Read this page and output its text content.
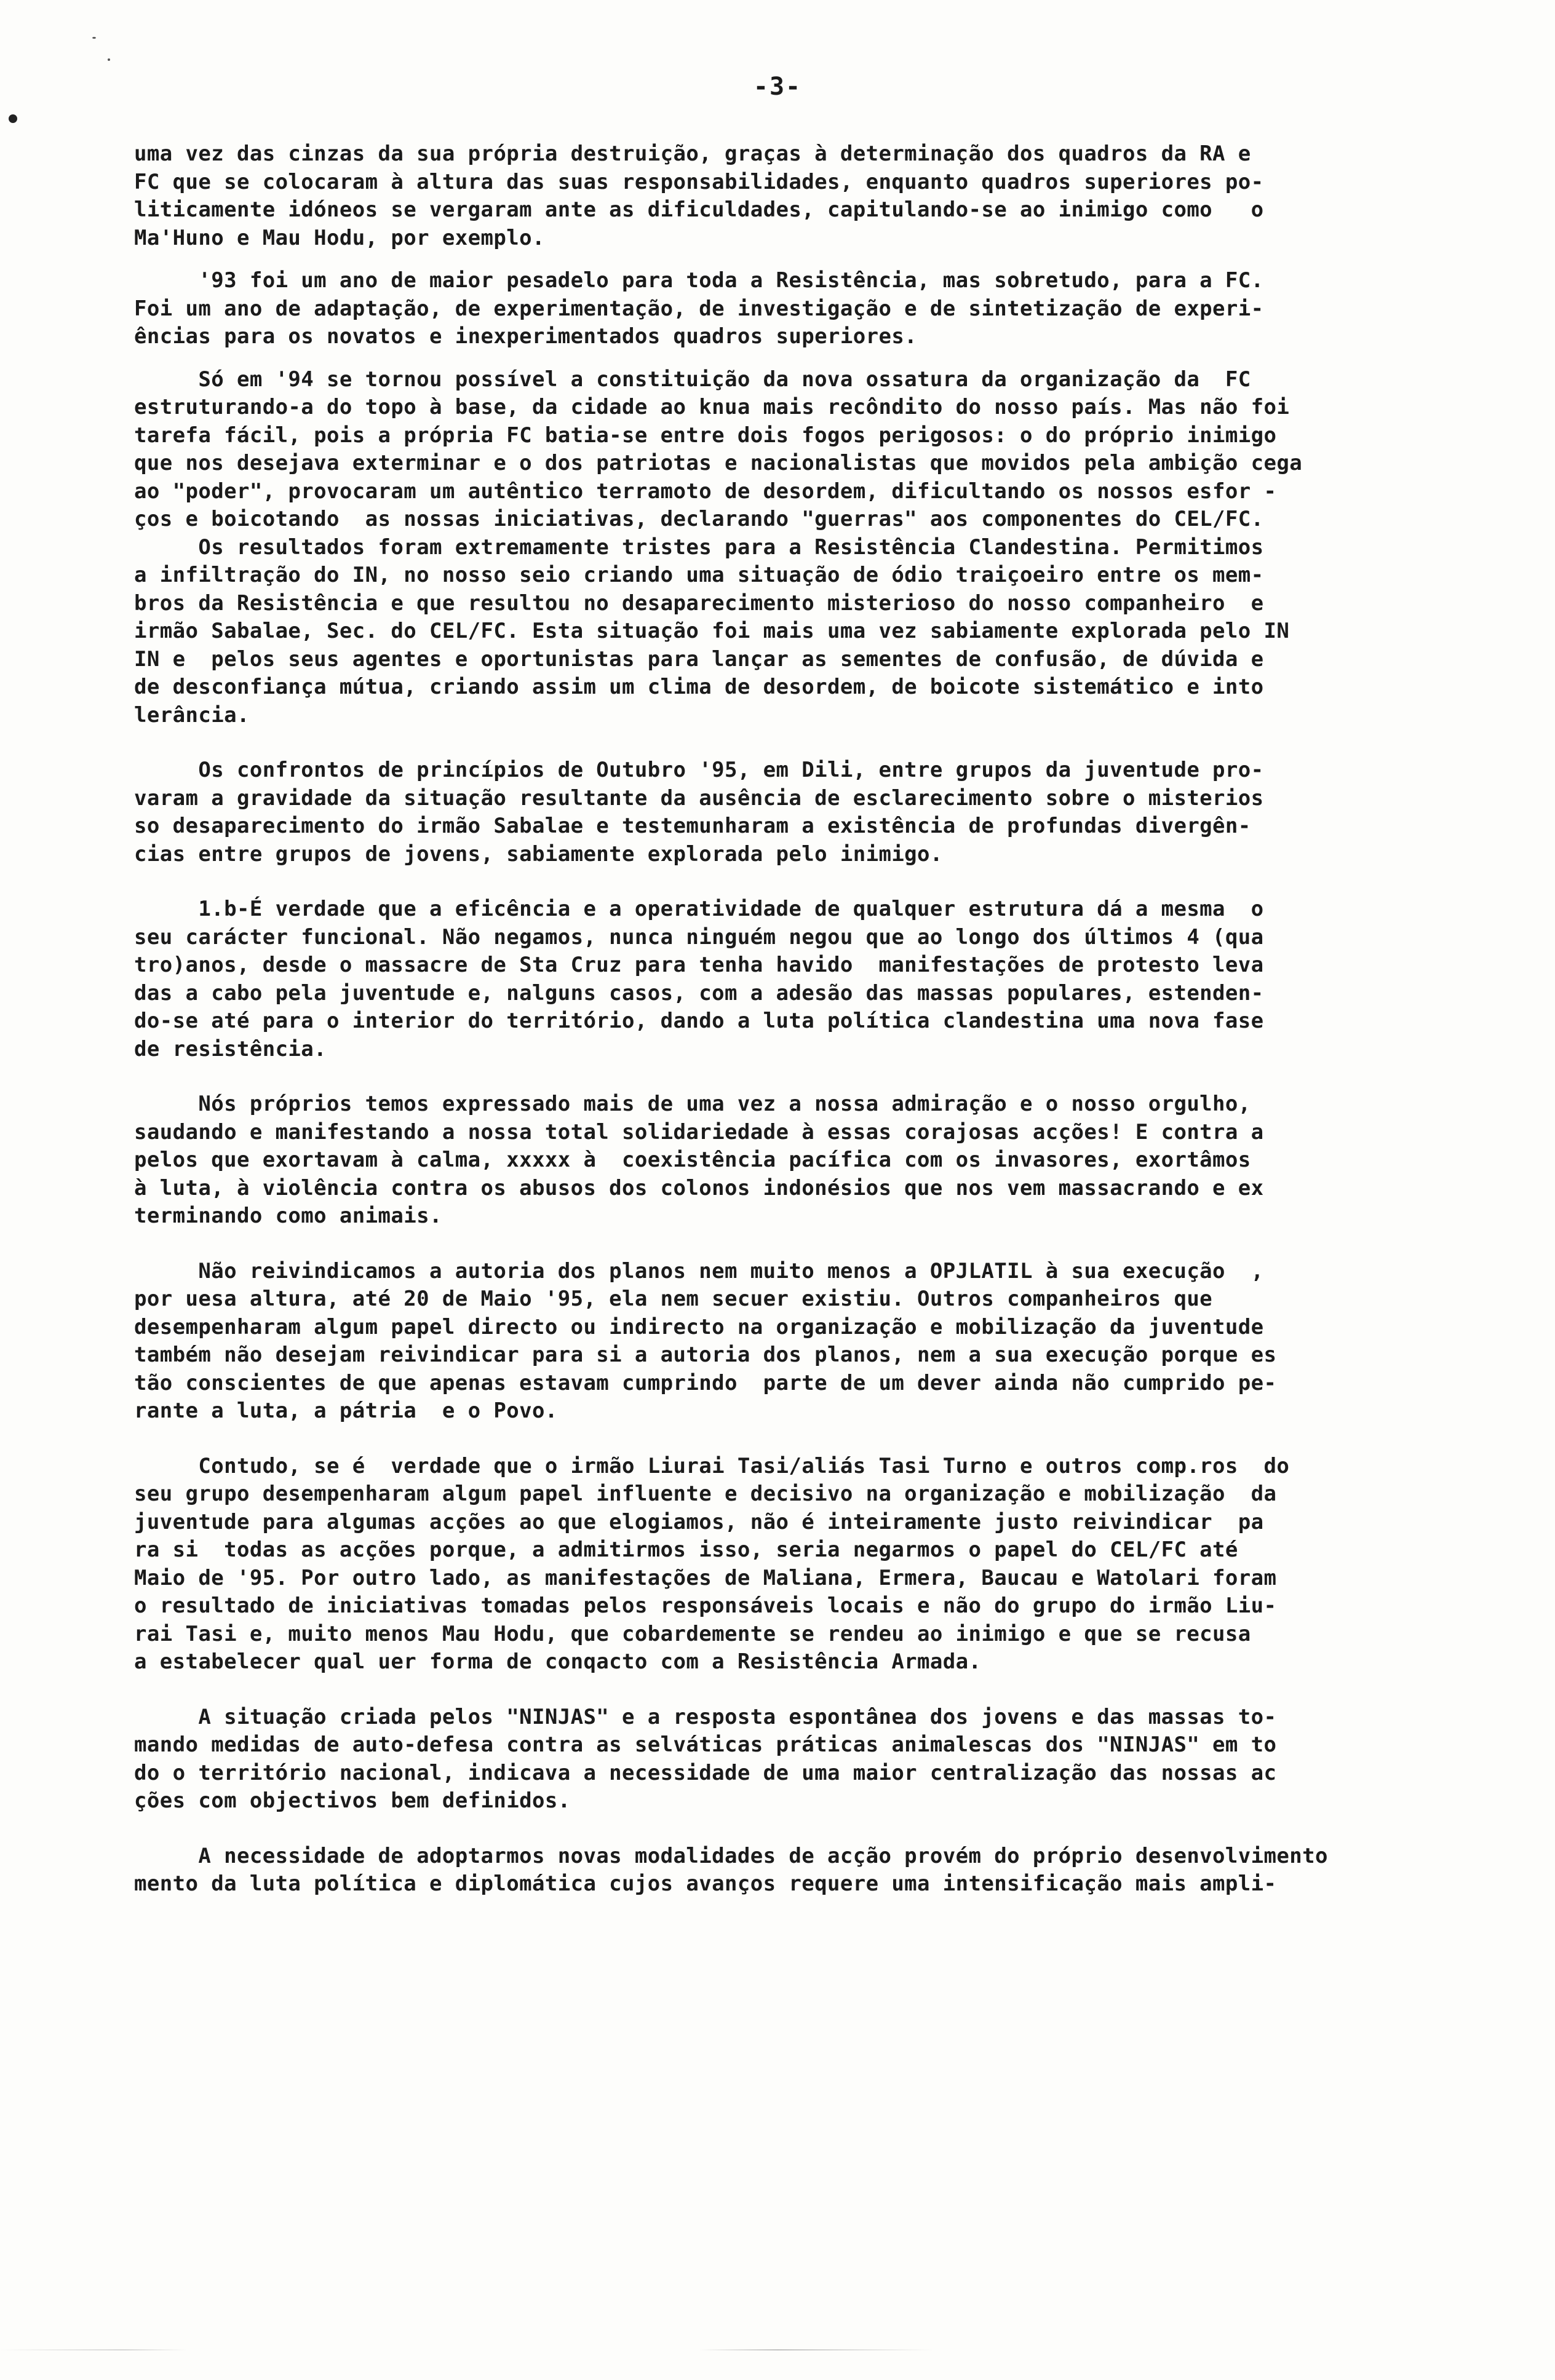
-3-
uma vez das cinzas da sua própria destruição, graças à determinação dos quadros da RA e
FC que se colocaram à altura das suas responsabilidades, enquanto quadros superiores po-
liticamente idóneos se vergaram ante as dificuldades, capitulando-se ao inimigo como   o
Ma'Huno e Mau Hodu, por exemplo.
'93 foi um ano de maior pesadelo para toda a Resistência, mas sobretudo, para a FC.
Foi um ano de adaptação, de experimentação, de investigação e de sintetização de experi-
ências para os novatos e inexperimentados quadros superiores.
Só em '94 se tornou possível a constituição da nova ossatura da organização da  FC
estruturando-a do topo à base, da cidade ao knua mais recôndito do nosso país. Mas não foi
tarefa fácil, pois a própria FC batia-se entre dois fogos perigosos: o do próprio inimigo
que nos desejava exterminar e o dos patriotas e nacionalistas que movidos pela ambição cega
ao "poder", provocaram um autêntico terramoto de desordem, dificultando os nossos esfor -
ços e boicotando  as nossas iniciativas, declarando "guerras" aos componentes do CEL/FC.
Os resultados foram extremamente tristes para a Resistência Clandestina. Permitimos
a infiltração do IN, no nosso seio criando uma situação de ódio traiçoeiro entre os mem-
bros da Resistência e que resultou no desaparecimento misterioso do nosso companheiro  e
irmão Sabalae, Sec. do CEL/FC. Esta situação foi mais uma vez sabiamente explorada pelo IN
IN e  pelos seus agentes e oportunistas para lançar as sementes de confusão, de dúvida e
de desconfiança mútua, criando assim um clima de desordem, de boicote sistemático e into
lerância.
Os confrontos de princípios de Outubro '95, em Dili, entre grupos da juventude pro-
varam a gravidade da situação resultante da ausência de esclarecimento sobre o misterios
so desaparecimento do irmão Sabalae e testemunharam a existência de profundas divergên-
cias entre grupos de jovens, sabiamente explorada pelo inimigo.
1.b-É verdade que a eficência e a operatividade de qualquer estrutura dá a mesma  o
seu carácter funcional. Não negamos, nunca ninguém negou que ao longo dos últimos 4 (qua
tro)anos, desde o massacre de Sta Cruz para tenha havido  manifestações de protesto leva
das a cabo pela juventude e, nalguns casos, com a adesão das massas populares, estenden-
do-se até para o interior do território, dando a luta política clandestina uma nova fase
de resistência.
Nós próprios temos expressado mais de uma vez a nossa admiração e o nosso orgulho,
saudando e manifestando a nossa total solidariedade à essas corajosas acções! E contra a
pelos que exortavam à calma, xxxxx à  coexistência pacífica com os invasores, exortâmos
à luta, à violência contra os abusos dos colonos indonésios que nos vem massacrando e ex
terminando como animais.
Não reivindicamos a autoria dos planos nem muito menos a OPJLATIL à sua execução  ,
por uesa altura, até 20 de Maio '95, ela nem secuer existiu. Outros companheiros que
desempenharam algum papel directo ou indirecto na organização e mobilização da juventude
também não desejam reivindicar para si a autoria dos planos, nem a sua execução porque es
tão conscientes de que apenas estavam cumprindo  parte de um dever ainda não cumprido pe-
rante a luta, a pátria  e o Povo.
Contudo, se é  verdade que o irmão Liurai Tasi/aliás Tasi Turno e outros comp.ros  do
seu grupo desempenharam algum papel influente e decisivo na organização e mobilização  da
juventude para algumas acções ao que elogiamos, não é inteiramente justo reivindicar  pa
ra si  todas as acções porque, a admitirmos isso, seria negarmos o papel do CEL/FC até
Maio de '95. Por outro lado, as manifestações de Maliana, Ermera, Baucau e Watolari foram
o resultado de iniciativas tomadas pelos responsáveis locais e não do grupo do irmão Liu-
rai Tasi e, muito menos Mau Hodu, que cobardemente se rendeu ao inimigo e que se recusa
a estabelecer qual uer forma de conqacto com a Resistência Armada.
A situação criada pelos "NINJAS" e a resposta espontânea dos jovens e das massas to-
mando medidas de auto-defesa contra as selváticas práticas animalescas dos "NINJAS" em to
do o território nacional, indicava a necessidade de uma maior centralização das nossas ac
ções com objectivos bem definidos.
A necessidade de adoptarmos novas modalidades de acção provém do próprio desenvolvimento
mento da luta política e diplomática cujos avanços requere uma intensificação mais ampli-
